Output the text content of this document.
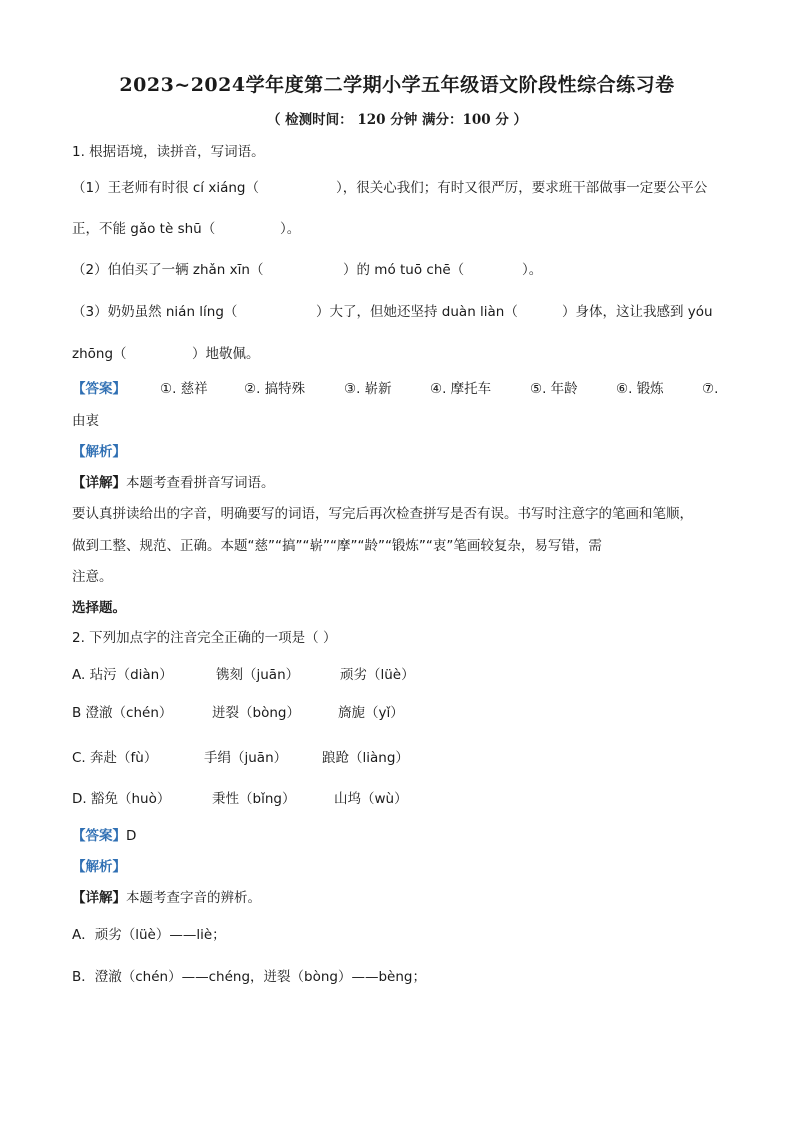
2023~2024学年度第二学期小学五年级语文阶段性综合练习卷
（ 检测时间： 120 分钟 满分：100 分 ）
1. 根据语境，读拼音，写词语。
（1）王老师有时很 cí xiáng（	），很关心我们；有时又很严厉，要求班干部做事一定要公平公
正，不能 gǎo tè shū（	）。
（2）伯伯买了一辆 zhǎn xīn（	）的 mó tuō chē（	）。
（3）奶奶虽然 nián líng（	）大了，但她还坚持 duàn liàn（	）身体，这让我感到 yóu
zhōng（	）地敬佩。
【答案】	①. 慈祥	②. 搞特殊	③. 崭新	④. 摩托车	⑤. 年龄	⑥. 锻炼	⑦.
由衷
【解析】
【详解】本题考查看拼音写词语。
要认真拼读给出的字音，明确要写的词语，写完后再次检查拼写是否有误。书写时注意字的笔画和笔顺，
做到工整、规范、正确。本题“慈”“搞”“崭”“摩”“龄”“锻炼”“衷”笔画较复杂，易写错，需
注意。
选择题。
2. 下列加点字的注音完全正确的一项是（ ）
A. 玷污（diàn）	镌刻（juān）	顽劣（lüè）
B 澄澈（chén）	迸裂（bòng）	旖旎（yǐ）
C. 奔赴（fù）	手绢（juān）	踉跄（liàng）
D. 豁免（huò）	秉性（bǐng）	山坞（wù）
【答案】D
【解析】
【详解】本题考查字音的辨析。
A．顽劣（lüè）——liè；
B．澄澈（chén）——chéng，迸裂（bòng）——bèng；
